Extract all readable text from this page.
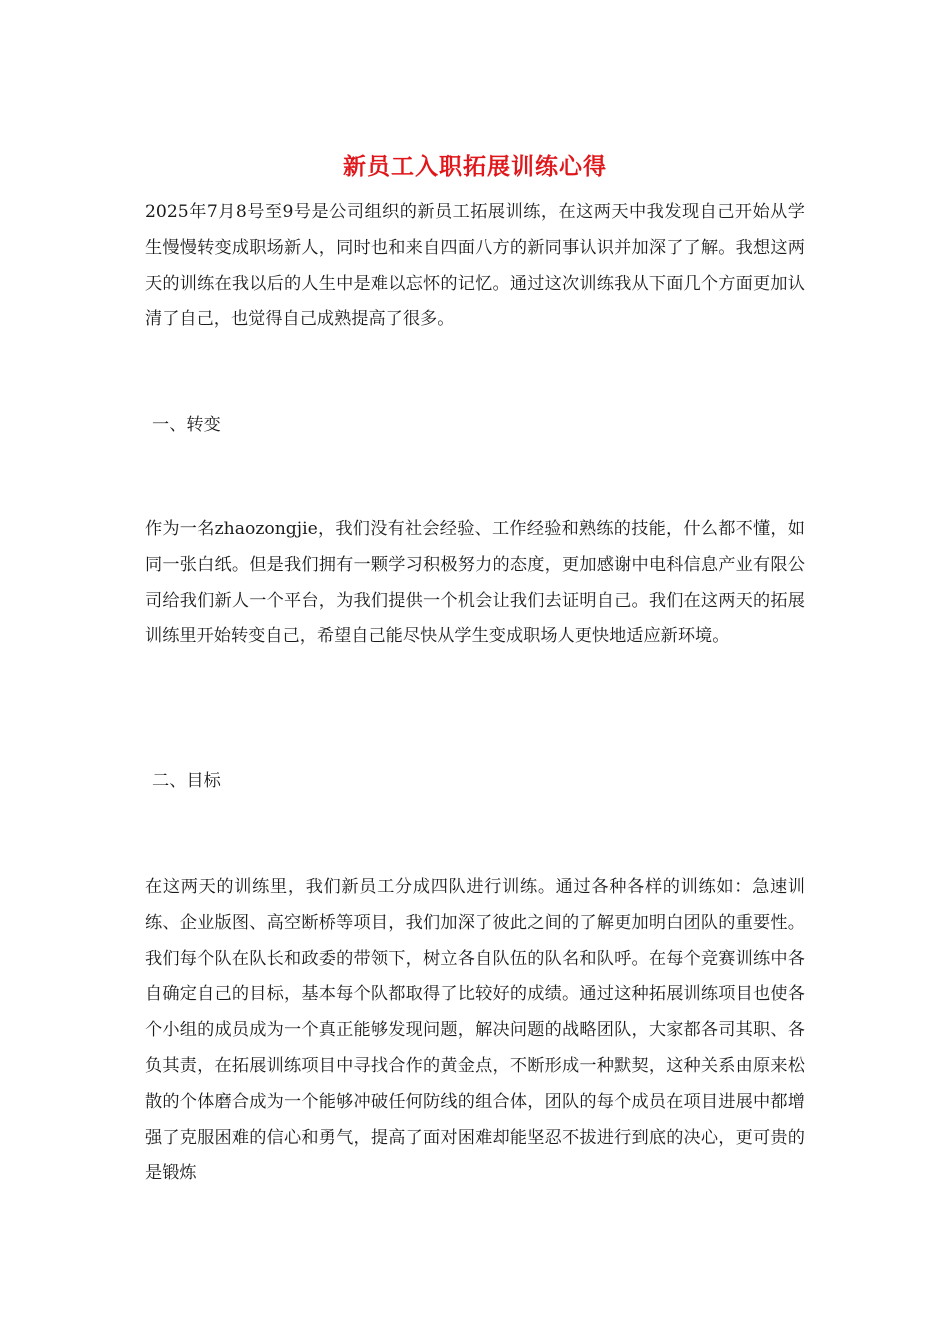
新员工入职拓展训练心得

2025年7月8号至9号是公司组织的新员工拓展训练，在这两天中我发现自己开始从学生慢慢转变成职场新人，同时也和来自四面八方的新同事认识并加深了了解。我想这两天的训练在我以后的人生中是难以忘怀的记忆。通过这次训练我从下面几个方面更加认清了自己，也觉得自己成熟提高了很多。

一、转变

作为一名zhaozongjie，我们没有社会经验、工作经验和熟练的技能，什么都不懂，如同一张白纸。但是我们拥有一颗学习积极努力的态度，更加感谢中电科信息产业有限公司给我们新人一个平台，为我们提供一个机会让我们去证明自己。我们在这两天的拓展训练里开始转变自己，希望自己能尽快从学生变成职场人更快地适应新环境。

二、目标

在这两天的训练里，我们新员工分成四队进行训练。通过各种各样的训练如：急速训练、企业版图、高空断桥等项目，我们加深了彼此之间的了解更加明白团队的重要性。我们每个队在队长和政委的带领下，树立各自队伍的队名和队呼。在每个竞赛训练中各自确定自己的目标，基本每个队都取得了比较好的成绩。通过这种拓展训练项目也使各个小组的成员成为一个真正能够发现问题，解决问题的战略团队，大家都各司其职、各负其责，在拓展训练项目中寻找合作的黄金点，不断形成一种默契，这种关系由原来松散的个体磨合成为一个能够冲破任何防线的组合体，团队的每个成员在项目进展中都增强了克服困难的信心和勇气，提高了面对困难却能坚忍不拔进行到底的决心，更可贵的是锻炼
